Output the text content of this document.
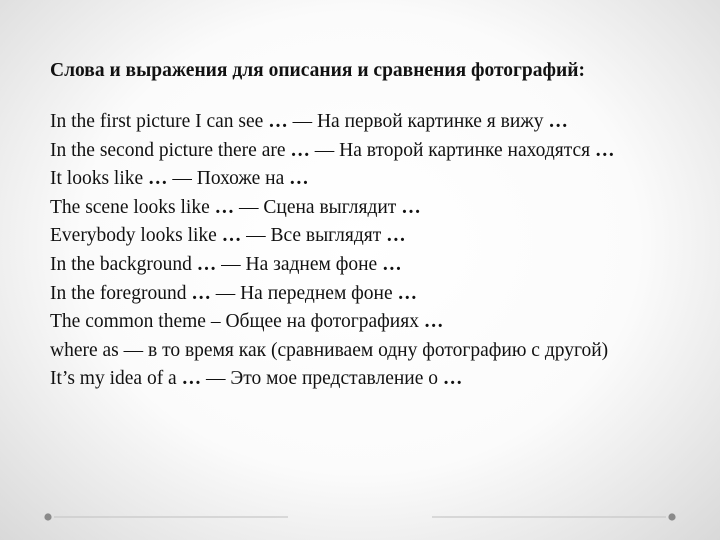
Слова и выражения для описания и сравнения фотографий:
In the first picture I can see … — На первой картинке я вижу …
In the second picture there are … — На второй картинке находятся …
It looks like … — Похоже на …
The scene looks like … — Сцена выглядит …
Everybody looks like … — Все выглядят …
In the background … — На заднем фоне …
In the foreground … — На переднем фоне …
The common theme – Общее на фотографиях …
where as — в то время как (сравниваем одну фотографию с другой)
It’s my idea of a … — Это мое представление о …
